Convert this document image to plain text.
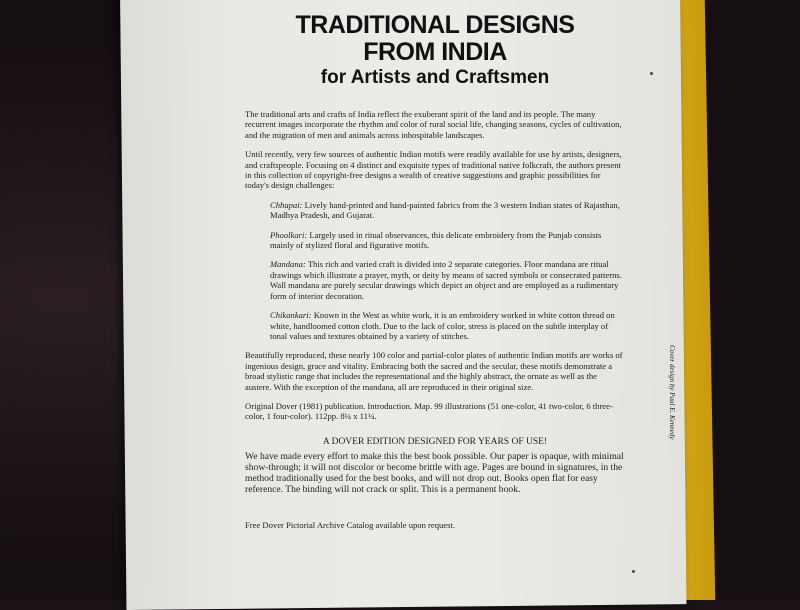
TRADITIONAL DESIGNS
FROM INDIA
for Artists and Craftsmen

The traditional arts and crafts of India reflect the exuberant spirit of the land and its people. The many recurrent images incorporate the rhythm and color of rural social life, changing seasons, cycles of cultivation, and the migration of men and animals across inhospitable landscapes.

Until recently, very few sources of authentic Indian motifs were readily available for use by artists, designers, and craftspeople. Focusing on 4 distinct and exquisite types of traditional native folkcraft, the authors present in this collection of copyright-free designs a wealth of creative suggestions and graphic possibilities for today's design challenges:

Chhapai: Lively hand-printed and hand-painted fabrics from the 3 western Indian states of Rajasthan, Madhya Pradesh, and Gujarat.

Phoolkari: Largely used in ritual observances, this delicate embroidery from the Punjab consists mainly of stylized floral and figurative motifs.

Mandana: This rich and varied craft is divided into 2 separate categories. Floor mandana are ritual drawings which illustrate a prayer, myth, or deity by means of sacred symbols or consecrated patterns. Wall mandana are purely secular drawings which depict an object and are employed as a rudimentary form of interior decoration.

Chikankari: Known in the West as white work, it is an embroidery worked in white cotton thread on white, handloomed cotton cloth. Due to the lack of color, stress is placed on the subtle interplay of tonal values and textures obtained by a variety of stitches.

Beautifully reproduced, these nearly 100 color and partial-color plates of authentic Indian motifs are works of ingenious design, grace and vitality. Embracing both the sacred and the secular, these motifs demonstrate a broad stylistic range that includes the representational and the highly abstract, the ornate as well as the austere. With the exception of the mandana, all are reproduced in their original size.

Original Dover (1981) publication. Introduction. Map. 99 illustrations (51 one-color, 41 two-color, 6 three-color, 1 four-color). 112pp. 8¼ x 11¼.

A DOVER EDITION DESIGNED FOR YEARS OF USE!

We have made every effort to make this the best book possible. Our paper is opaque, with minimal show-through; it will not discolor or become brittle with age. Pages are bound in signatures, in the method traditionally used for the best books, and will not drop out. Books open flat for easy reference. The binding will not crack or split. This is a permanent book.

Free Dover Pictorial Archive Catalog available upon request.

Cover design by Paul E. Kennedy
